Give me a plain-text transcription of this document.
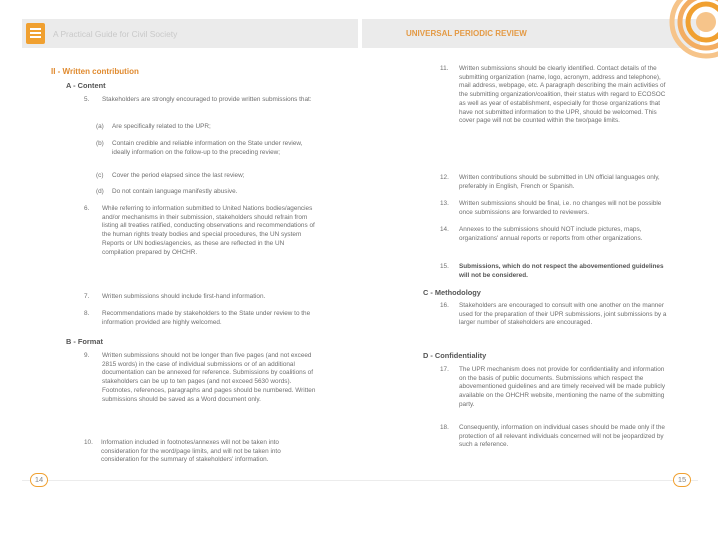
A Practical Guide for Civil Society
II - Written contribution
A - Content
5.	Stakeholders are strongly encouraged to provide written submissions that:
(a)	Are specifically related to the UPR;
(b)	Contain credible and reliable information on the State under review, ideally information on the follow-up to the preceding review;
(c)	Cover the period elapsed since the last review;
(d)	Do not contain language manifestly abusive.
6.	While referring to information submitted to United Nations bodies/agencies and/or mechanisms in their submission, stakeholders should refrain from listing all treaties ratified, conducting observations and recommendations of the human rights treaty bodies and special procedures, the UN system Reports or UN bodies/agencies, as these are reflected in the UN compilation prepared by OHCHR.
7.	Written submissions should include first-hand information.
8.	Recommendations made by stakeholders to the State under review to the information provided are highly welcomed.
B - Format
9.	Written submissions should not be longer than five pages (and not exceed 2815 words) in the case of individual submissions or of an additional documentation can be annexed for reference. Submissions by coalitions of stakeholders can be up to ten pages (and not exceed 5630 words). Footnotes, references, paragraphs and pages should be numbered. Written submissions should be saved as a Word document only.
10.	Information included in footnotes/annexes will not be taken into consideration for the word/page limits, and will not be taken into consideration for the summary of stakeholders' information.
14
UNIVERSAL PERIODIC REVIEW
11.	Written submissions should be clearly identified. Contact details of the submitting organization (name, logo, acronym, address and telephone), mail address, webpage, etc. A paragraph describing the main activities of the submitting organization/coalition, their status with regard to ECOSOC as well as year of establishment, especially for those organizations that have not submitted information to the UPR, should be welcomed. This cover page will not be counted within the two/page limits.
12.	Written contributions should be submitted in UN official languages only, preferably in English, French or Spanish.
13.	Written submissions should be final, i.e. no changes will not be possible once submissions are forwarded to reviewers.
14.	Annexes to the submissions should NOT include pictures, maps, organizations' annual reports or reports from other organizations.
15.	Submissions, which do not respect the abovementioned guidelines will not be considered.
C - Methodology
16.	Stakeholders are encouraged to consult with one another on the manner used for the preparation of their UPR submissions, joint submissions by a larger number of stakeholders are encouraged.
D - Confidentiality
17.	The UPR mechanism does not provide for confidentiality and information on the basis of public documents. Submissions which respect the abovementioned guidelines and are timely received will be made publicly available on the OHCHR website, mentioning the name of the submitting party.
18.	Consequently, information on individual cases should be made only if the protection of all relevant individuals concerned will not be jeopardized by such a reference.
15
